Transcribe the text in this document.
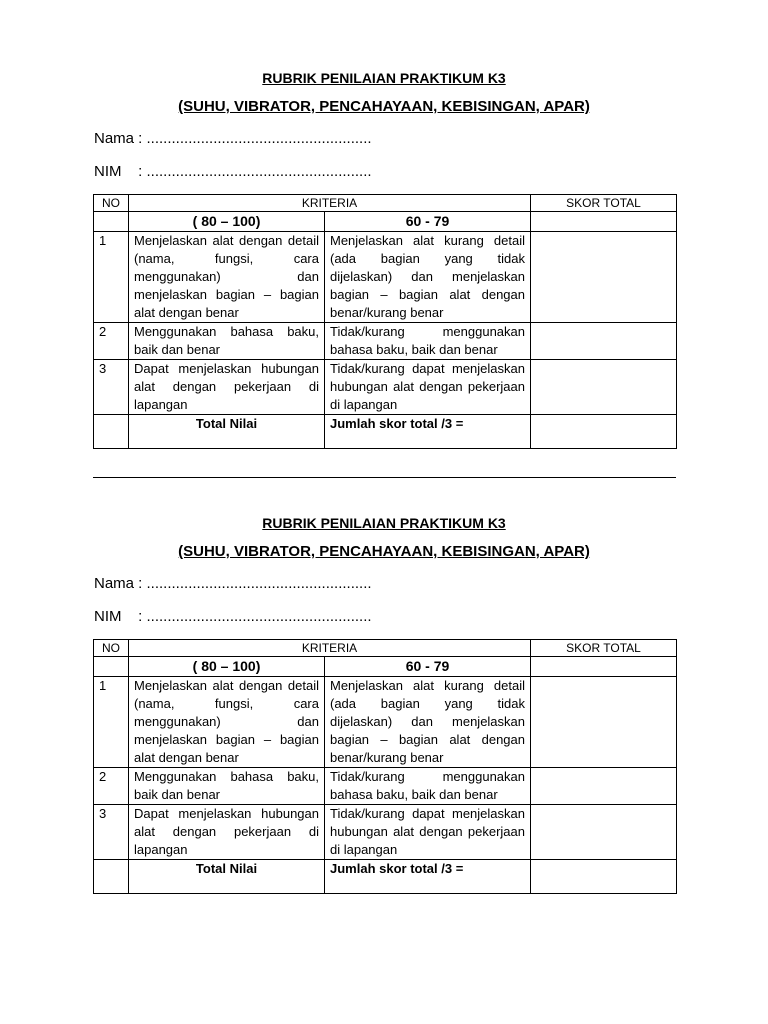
RUBRIK PENILAIAN PRAKTIKUM K3
(SUHU, VIBRATOR, PENCAHAYAAN, KEBISINGAN, APAR)
Nama : ......................................................
NIM    : ......................................................
NO	KRITERIA		SKOR TOTAL
	( 80 – 100)	60 - 79	
1	Menjelaskan alat dengan detail (nama, fungsi, cara menggunakan) dan menjelaskan bagian – bagian alat dengan benar	Menjelaskan alat kurang detail (ada bagian yang tidak dijelaskan) dan menjelaskan bagian – bagian alat dengan benar/kurang benar	
2	Menggunakan bahasa baku, baik dan benar	Tidak/kurang menggunakan bahasa baku, baik dan benar	
3	Dapat menjelaskan hubungan alat dengan pekerjaan di lapangan	Tidak/kurang dapat menjelaskan hubungan alat dengan pekerjaan di lapangan	
	Total Nilai	Jumlah skor total /3 =	
RUBRIK PENILAIAN PRAKTIKUM K3
(SUHU, VIBRATOR, PENCAHAYAAN, KEBISINGAN, APAR)
Nama : ......................................................
NIM    : ......................................................
NO	KRITERIA		SKOR TOTAL
	( 80 – 100)	60 - 79	
1	Menjelaskan alat dengan detail (nama, fungsi, cara menggunakan) dan menjelaskan bagian – bagian alat dengan benar	Menjelaskan alat kurang detail (ada bagian yang tidak dijelaskan) dan menjelaskan bagian – bagian alat dengan benar/kurang benar	
2	Menggunakan bahasa baku, baik dan benar	Tidak/kurang menggunakan bahasa baku, baik dan benar	
3	Dapat menjelaskan hubungan alat dengan pekerjaan di lapangan	Tidak/kurang dapat menjelaskan hubungan alat dengan pekerjaan di lapangan	
	Total Nilai	Jumlah skor total /3 =	
